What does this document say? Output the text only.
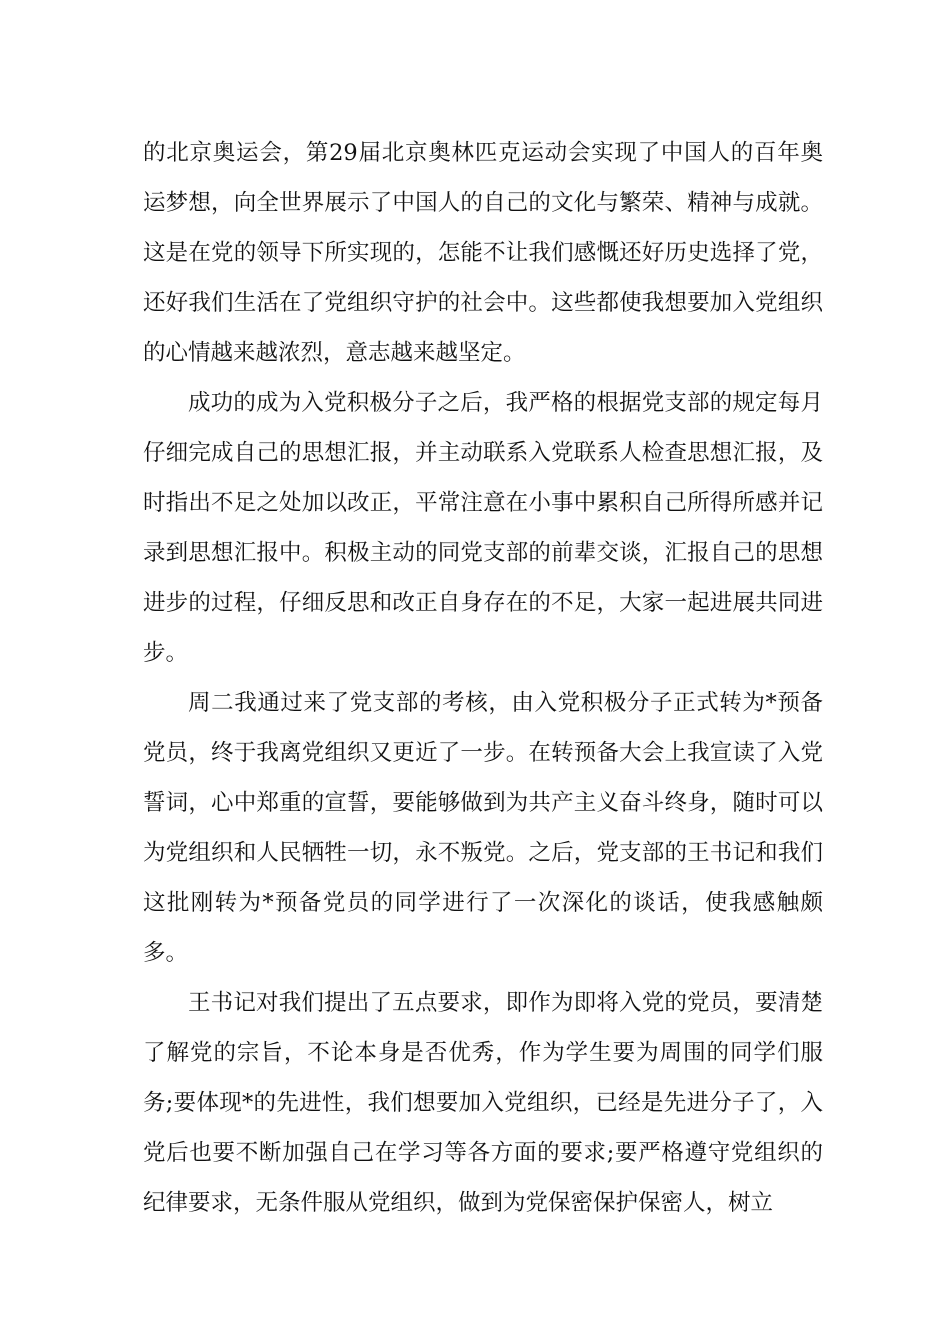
的北京奥运会，第29届北京奥林匹克运动会实现了中国人的百年奥运梦想，向全世界展示了中国人的自己的文化与繁荣、精神与成就。这是在党的领导下所实现的，怎能不让我们感慨还好历史选择了党，还好我们生活在了党组织守护的社会中。这些都使我想要加入党组织的心情越来越浓烈，意志越来越坚定。

成功的成为入党积极分子之后，我严格的根据党支部的规定每月仔细完成自己的思想汇报，并主动联系入党联系人检查思想汇报，及时指出不足之处加以改正，平常注意在小事中累积自己所得所感并记录到思想汇报中。积极主动的同党支部的前辈交谈，汇报自己的思想进步的过程，仔细反思和改正自身存在的不足，大家一起进展共同进步。

周二我通过来了党支部的考核，由入党积极分子正式转为*预备党员，终于我离党组织又更近了一步。在转预备大会上我宣读了入党誓词，心中郑重的宣誓，要能够做到为共产主义奋斗终身，随时可以为党组织和人民牺牲一切，永不叛党。之后，党支部的王书记和我们这批刚转为*预备党员的同学进行了一次深化的谈话，使我感触颇多。

王书记对我们提出了五点要求，即作为即将入党的党员，要清楚了解党的宗旨，不论本身是否优秀，作为学生要为周围的同学们服务;要体现*的先进性，我们想要加入党组织，已经是先进分子了，入党后也要不断加强自己在学习等各方面的要求;要严格遵守党组织的纪律要求，无条件服从党组织，做到为党保密保护保密人，树立
